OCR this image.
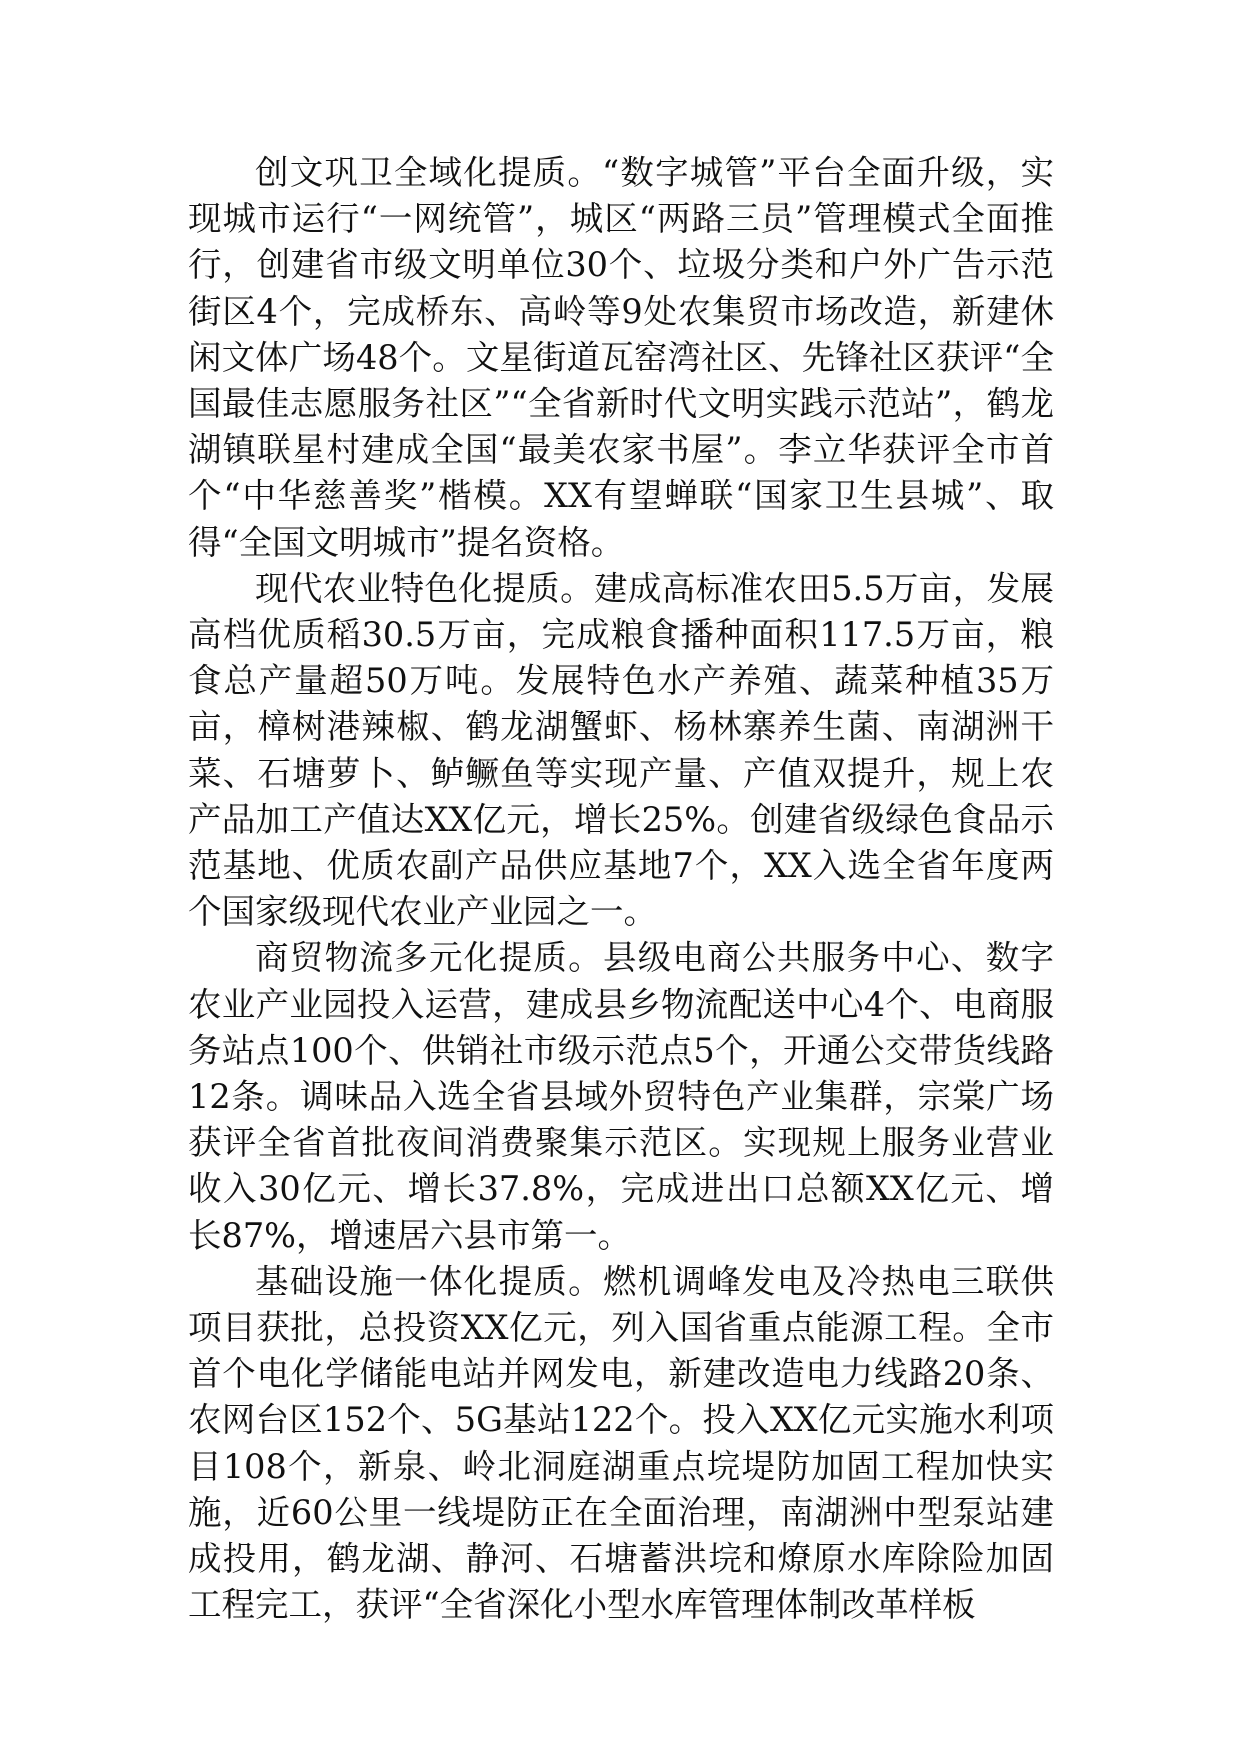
创文巩卫全域化提质。“数字城管”平台全面升级，实现城市运行“一网统管”，城区“两路三员”管理模式全面推行，创建省市级文明单位30个、垃圾分类和户外广告示范街区4个，完成桥东、高岭等9处农集贸市场改造，新建休闲文体广场48个。文星街道瓦窑湾社区、先锋社区获评“全国最佳志愿服务社区”“全省新时代文明实践示范站”，鹤龙湖镇联星村建成全国“最美农家书屋”。李立华获评全市首个“中华慈善奖”楷模。XX有望蝉联“国家卫生县城”、取得“全国文明城市”提名资格。

现代农业特色化提质。建成高标准农田5.5万亩，发展高档优质稻30.5万亩，完成粮食播种面积117.5万亩，粮食总产量超50万吨。发展特色水产养殖、蔬菜种植35万亩，樟树港辣椒、鹤龙湖蟹虾、杨林寨养生菌、南湖洲干菜、石塘萝卜、鲈鳜鱼等实现产量、产值双提升，规上农产品加工产值达XX亿元，增长25%。创建省级绿色食品示范基地、优质农副产品供应基地7个，XX入选全省年度两个国家级现代农业产业园之一。

商贸物流多元化提质。县级电商公共服务中心、数字农业产业园投入运营，建成县乡物流配送中心4个、电商服务站点100个、供销社市级示范点5个，开通公交带货线路12条。调味品入选全省县域外贸特色产业集群，宗棠广场获评全省首批夜间消费聚集示范区。实现规上服务业营业收入30亿元、增长37.8%，完成进出口总额XX亿元、增长87%，增速居六县市第一。

基础设施一体化提质。燃机调峰发电及冷热电三联供项目获批，总投资XX亿元，列入国省重点能源工程。全市首个电化学储能电站并网发电，新建改造电力线路20条、农网台区152个、5G基站122个。投入XX亿元实施水利项目108个，新泉、岭北洞庭湖重点垸堤防加固工程加快实施，近60公里一线堤防正在全面治理，南湖洲中型泵站建成投用，鹤龙湖、静河、石塘蓄洪垸和燎原水库除险加固工程完工，获评“全省深化小型水库管理体制改革样板
